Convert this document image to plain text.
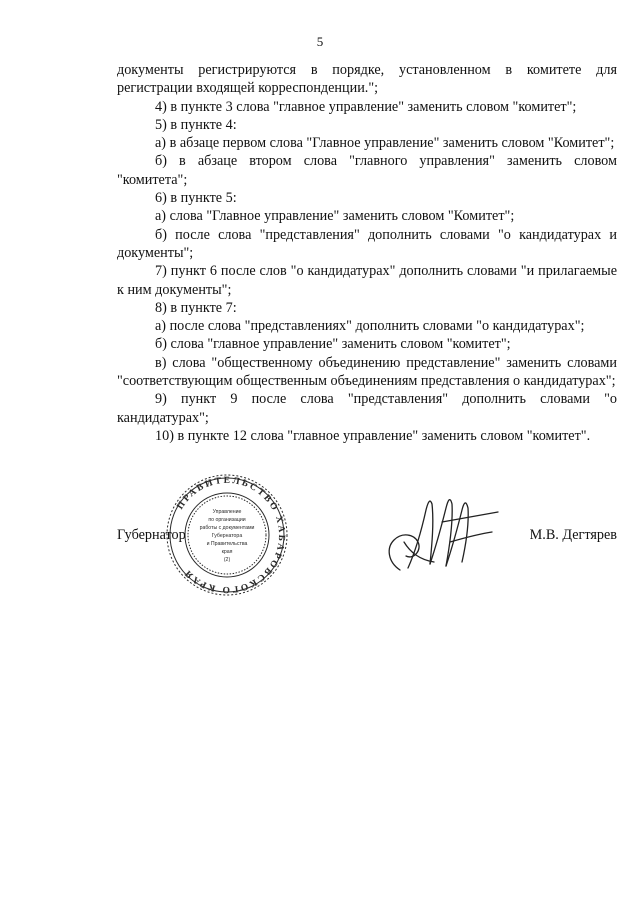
5

документы регистрируются в порядке, установленном в комитете для регистрации входящей корреспонденции.";

4) в пункте 3 слова "главное управление" заменить словом "комитет";

5) в пункте 4:

а) в абзаце первом слова "Главное управление" заменить словом "Комитет";

б) в абзаце втором слова "главного управления" заменить словом "комитета";

6) в пункте 5:

а) слова "Главное управление" заменить словом "Комитет";

б) после слова "представления" дополнить словами "о кандидатурах и документы";

7) пункт 6 после слов "о кандидатурах" дополнить словами "и прилагаемые к ним документы";

8) в пункте 7:

а) после слова "представлениях" дополнить словами "о кандидатурах";

б) слова "главное управление" заменить словом "комитет";

в) слова "общественному объединению представление" заменить словами "соответствующим общественным объединениям представления о кандидатурах";

9) пункт 9 после слова "представления" дополнить словами "о кандидатурах";

10) в пункте 12 слова "главное управление" заменить словом "комитет".

ПРАВИТЕЛЬСТВО ХАБАРОВСКОГО КРАЯ
Управление
по организации
работы с документами
Губернатора
и Правительства
края
(2)
Губернатор	М.В. Дегтярев
